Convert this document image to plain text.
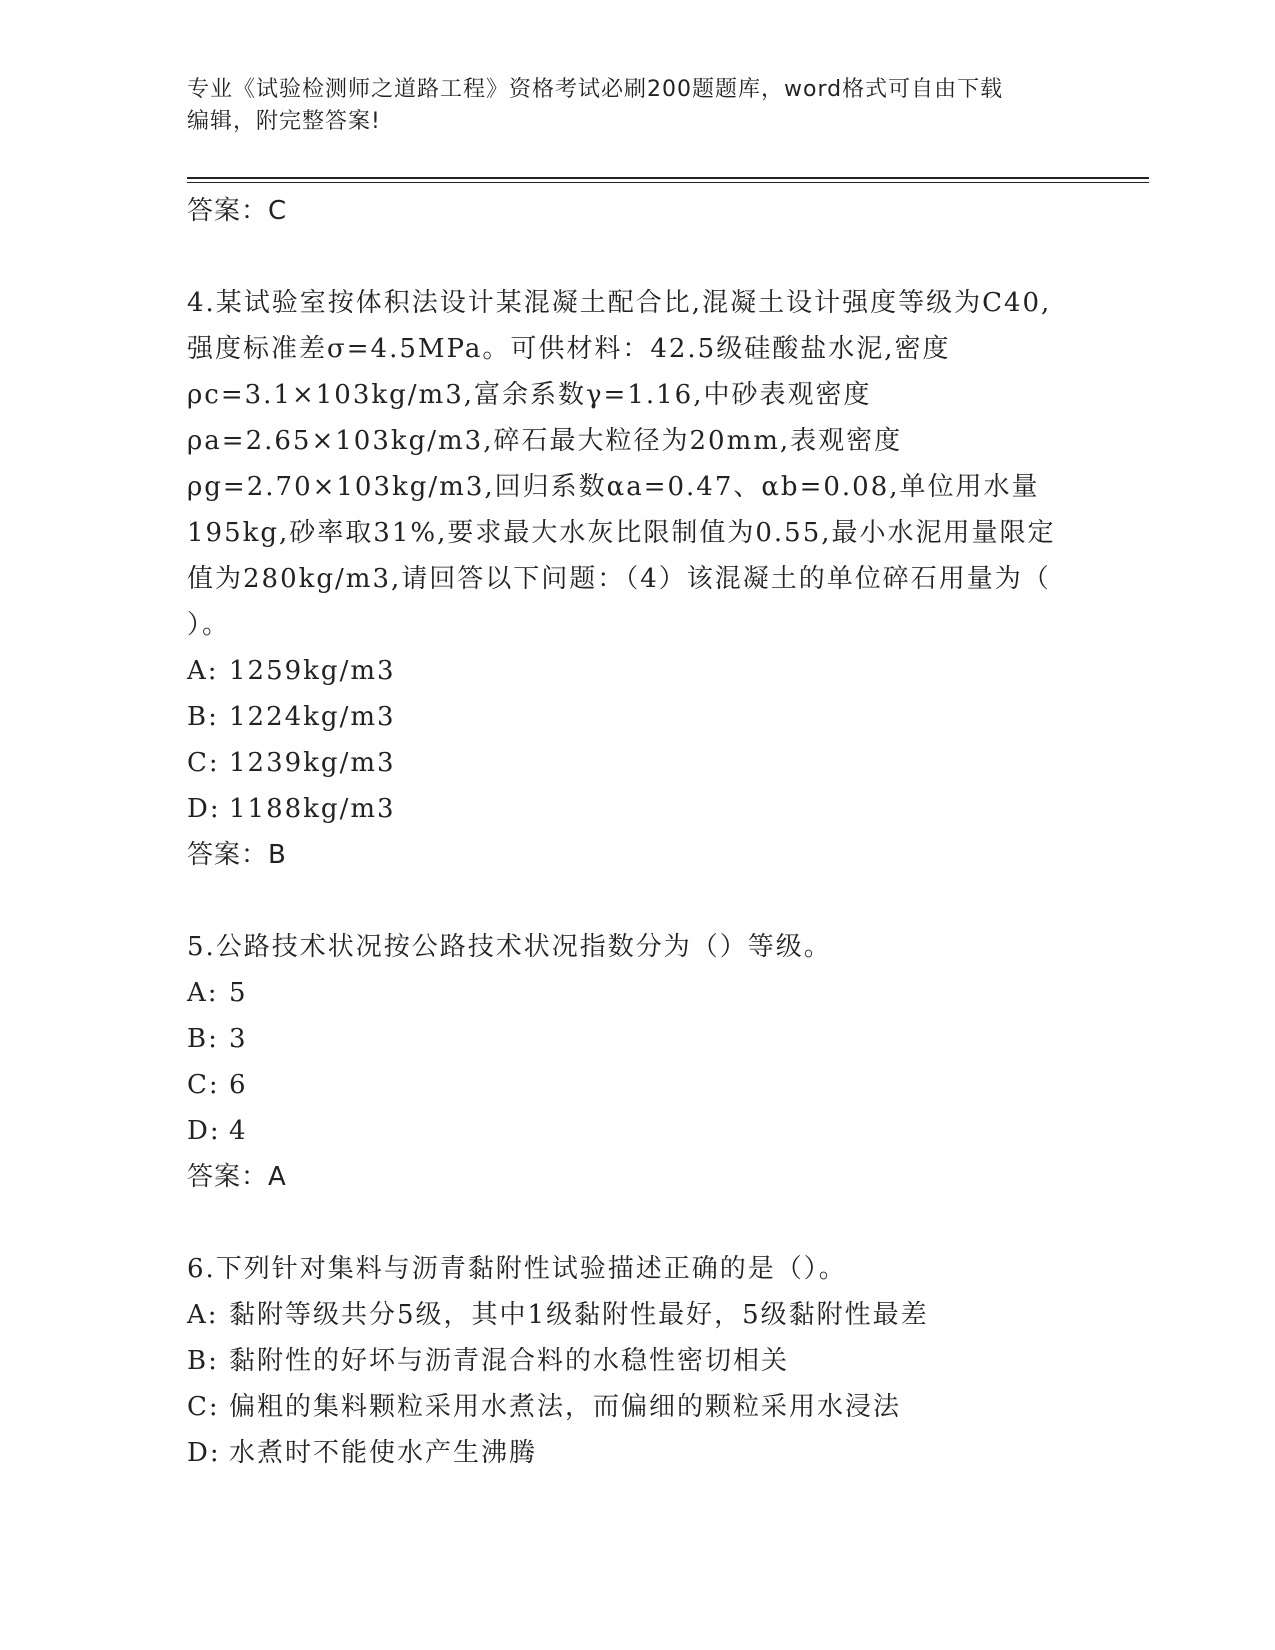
专业《试验检测师之道路工程》资格考试必刷200题题库，word格式可自由下载
编辑，附完整答案!

答案：C

4.某试验室按体积法设计某混凝土配合比,混凝土设计强度等级为C40,
强度标准差σ=4.5MPa。可供材料：42.5级硅酸盐水泥,密度
ρc=3.1×103kg/m3,富余系数γ=1.16,中砂表观密度
ρa=2.65×103kg/m3,碎石最大粒径为20mm,表观密度
ρg=2.70×103kg/m3,回归系数αa=0.47、αb=0.08,单位用水量
195kg,砂率取31%,要求最大水灰比限制值为0.55,最小水泥用量限定
值为280kg/m3,请回答以下问题：（4）该混凝土的单位碎石用量为（
）。

A: 1259kg/m3

B: 1224kg/m3

C: 1239kg/m3

D: 1188kg/m3

答案：B

5.公路技术状况按公路技术状况指数分为（）等级。

A: 5

B: 3

C: 6

D: 4

答案：A

6.下列针对集料与沥青黏附性试验描述正确的是（）。

A: 黏附等级共分5级，其中1级黏附性最好，5级黏附性最差

B: 黏附性的好坏与沥青混合料的水稳性密切相关

C: 偏粗的集料颗粒采用水煮法，而偏细的颗粒采用水浸法

D: 水煮时不能使水产生沸腾
